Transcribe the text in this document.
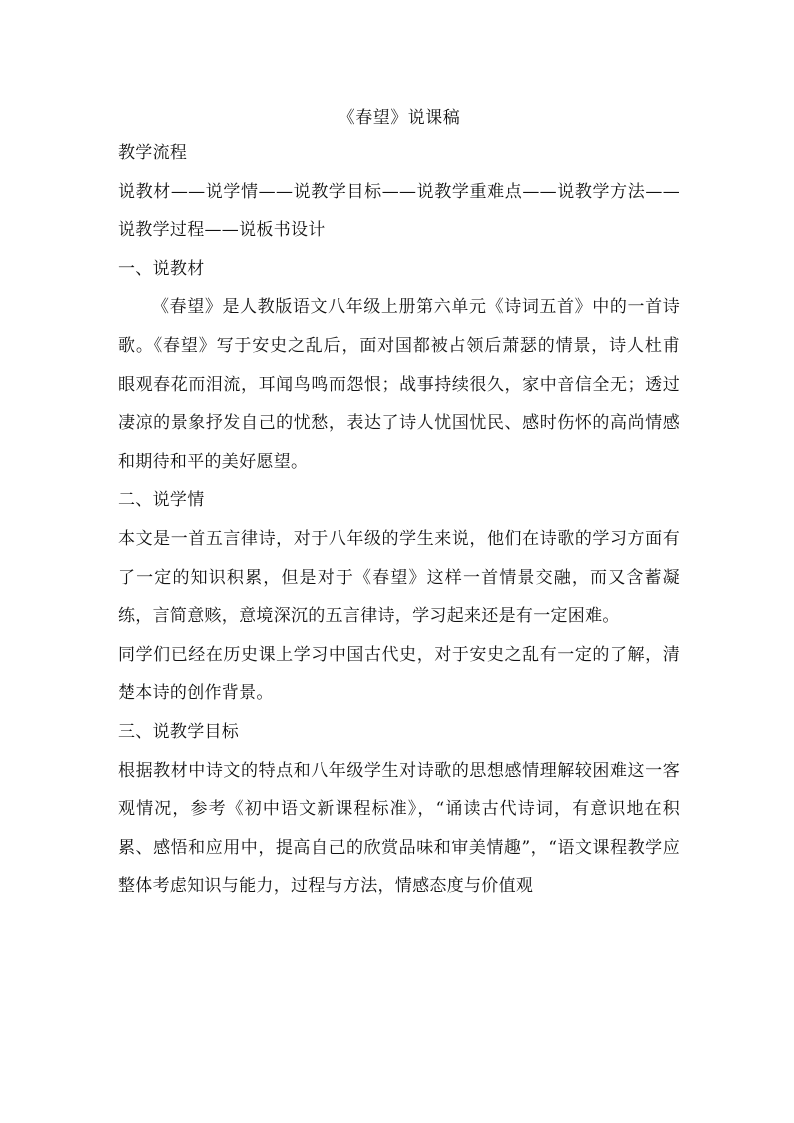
《春望》说课稿

教学流程

说教材——说学情——说教学目标——说教学重难点——说教学方法——说教学过程——说板书设计

一、说教材

《春望》是人教版语文八年级上册第六单元《诗词五首》中的一首诗歌。《春望》写于安史之乱后，面对国都被占领后萧瑟的情景，诗人杜甫眼观春花而泪流，耳闻鸟鸣而怨恨；战事持续很久，家中音信全无；透过凄凉的景象抒发自己的忧愁，表达了诗人忧国忧民、感时伤怀的高尚情感和期待和平的美好愿望。

二、说学情

本文是一首五言律诗，对于八年级的学生来说，他们在诗歌的学习方面有了一定的知识积累，但是对于《春望》这样一首情景交融，而又含蓄凝练，言简意赅，意境深沉的五言律诗，学习起来还是有一定困难。

同学们已经在历史课上学习中国古代史，对于安史之乱有一定的了解，清楚本诗的创作背景。

三、说教学目标

根据教材中诗文的特点和八年级学生对诗歌的思想感情理解较困难这一客观情况，参考《初中语文新课程标准》，“诵读古代诗词，有意识地在积累、感悟和应用中，提高自己的欣赏品味和审美情趣”，“语文课程教学应整体考虑知识与能力，过程与方法，情感态度与价值观
